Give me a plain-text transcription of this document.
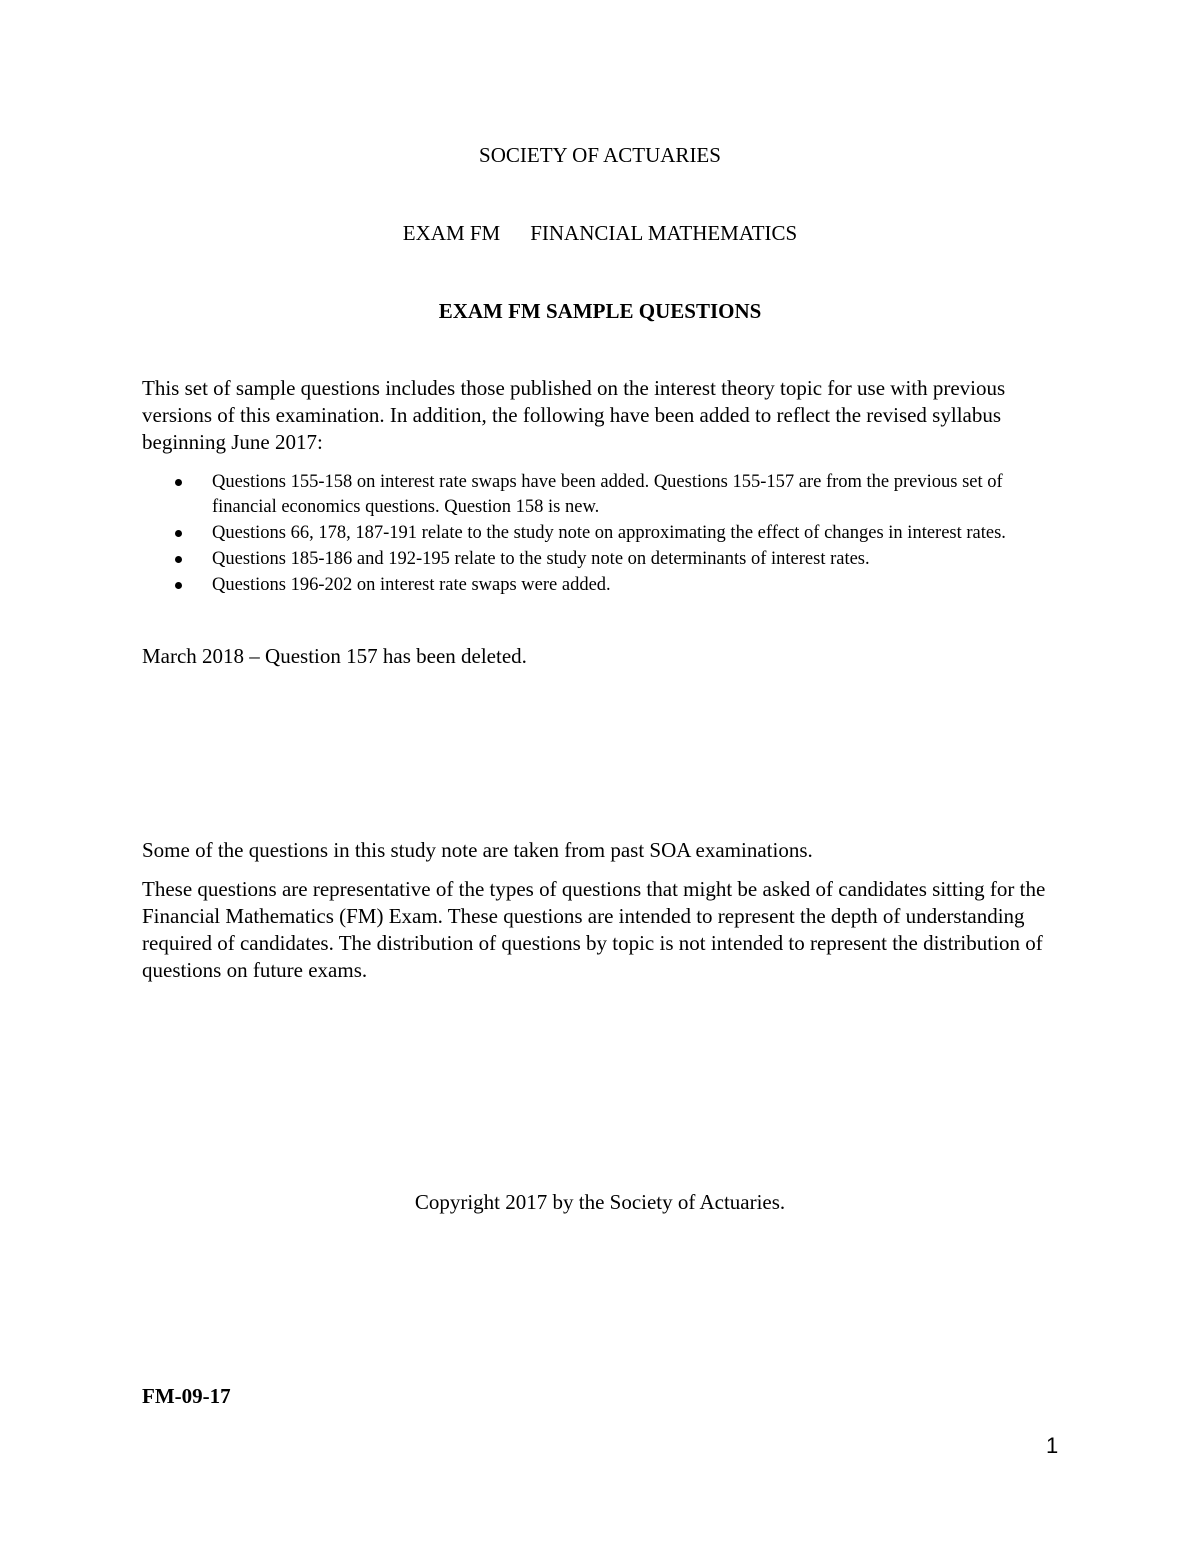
SOCIETY OF ACTUARIES
EXAM FM FINANCIAL MATHEMATICS
EXAM FM SAMPLE QUESTIONS

This set of sample questions includes those published on the interest theory topic for use with previous versions of this examination. In addition, the following have been added to reflect the revised syllabus beginning June 2017:

Questions 155-158 on interest rate swaps have been added. Questions 155-157 are from the previous set of financial economics questions. Question 158 is new.
Questions 66, 178, 187-191 relate to the study note on approximating the effect of changes in interest rates.
Questions 185-186 and 192-195 relate to the study note on determinants of interest rates.
Questions 196-202 on interest rate swaps were added.

March 2018 – Question 157 has been deleted.

Some of the questions in this study note are taken from past SOA examinations.

These questions are representative of the types of questions that might be asked of candidates sitting for the Financial Mathematics (FM) Exam. These questions are intended to represent the depth of understanding required of candidates. The distribution of questions by topic is not intended to represent the distribution of questions on future exams.

Copyright 2017 by the Society of Actuaries.
FM-09-17
1
